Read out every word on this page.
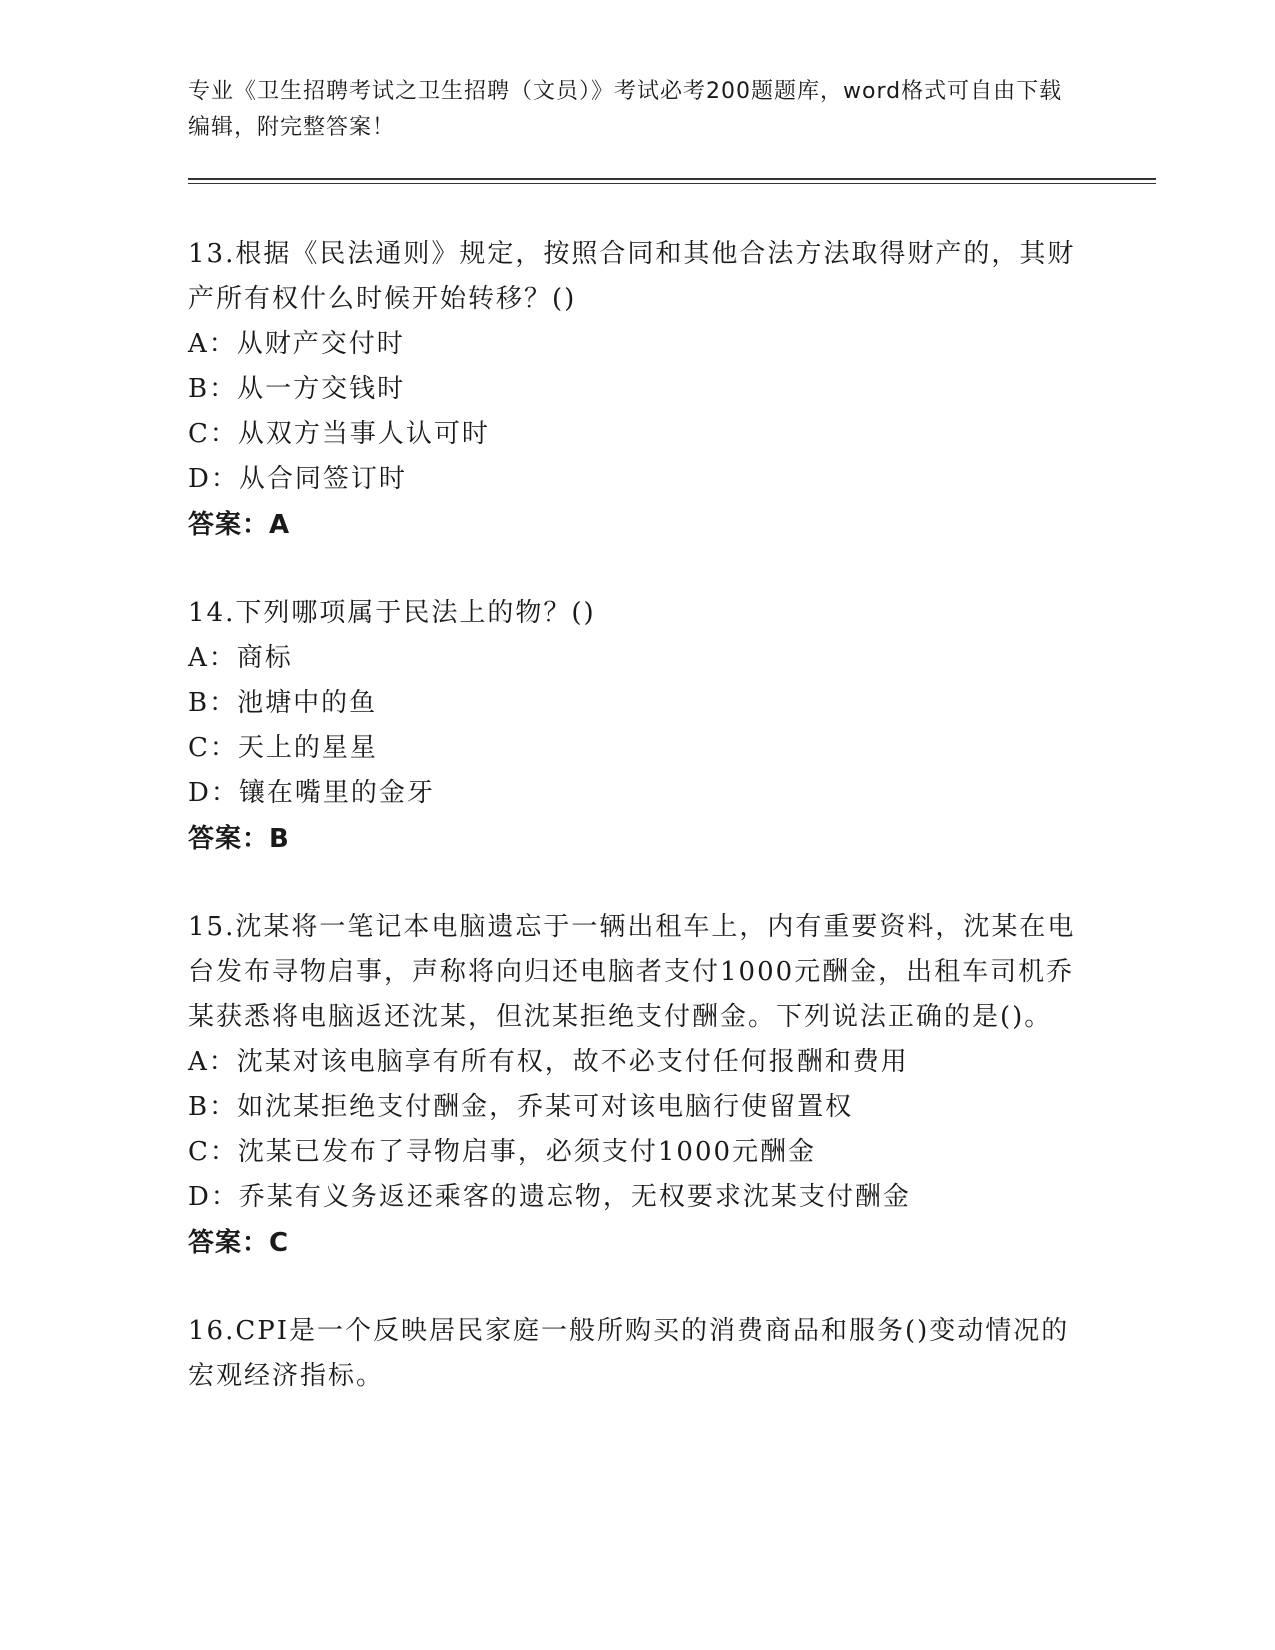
专业《卫生招聘考试之卫生招聘（文员）》考试必考200题题库，word格式可自由下载编辑，附完整答案！
13.根据《民法通则》规定，按照合同和其他合法方法取得财产的，其财产所有权什么时候开始转移？()
A：从财产交付时
B：从一方交钱时
C：从双方当事人认可时
D：从合同签订时
答案：A
14.下列哪项属于民法上的物？()
A：商标
B：池塘中的鱼
C：天上的星星
D：镶在嘴里的金牙
答案：B
15.沈某将一笔记本电脑遗忘于一辆出租车上，内有重要资料，沈某在电台发布寻物启事，声称将向归还电脑者支付1000元酬金，出租车司机乔某获悉将电脑返还沈某，但沈某拒绝支付酬金。下列说法正确的是()。
A：沈某对该电脑享有所有权，故不必支付任何报酬和费用
B：如沈某拒绝支付酬金，乔某可对该电脑行使留置权
C：沈某已发布了寻物启事，必须支付1000元酬金
D：乔某有义务返还乘客的遗忘物，无权要求沈某支付酬金
答案：C
16.CPI是一个反映居民家庭一般所购买的消费商品和服务()变动情况的宏观经济指标。
